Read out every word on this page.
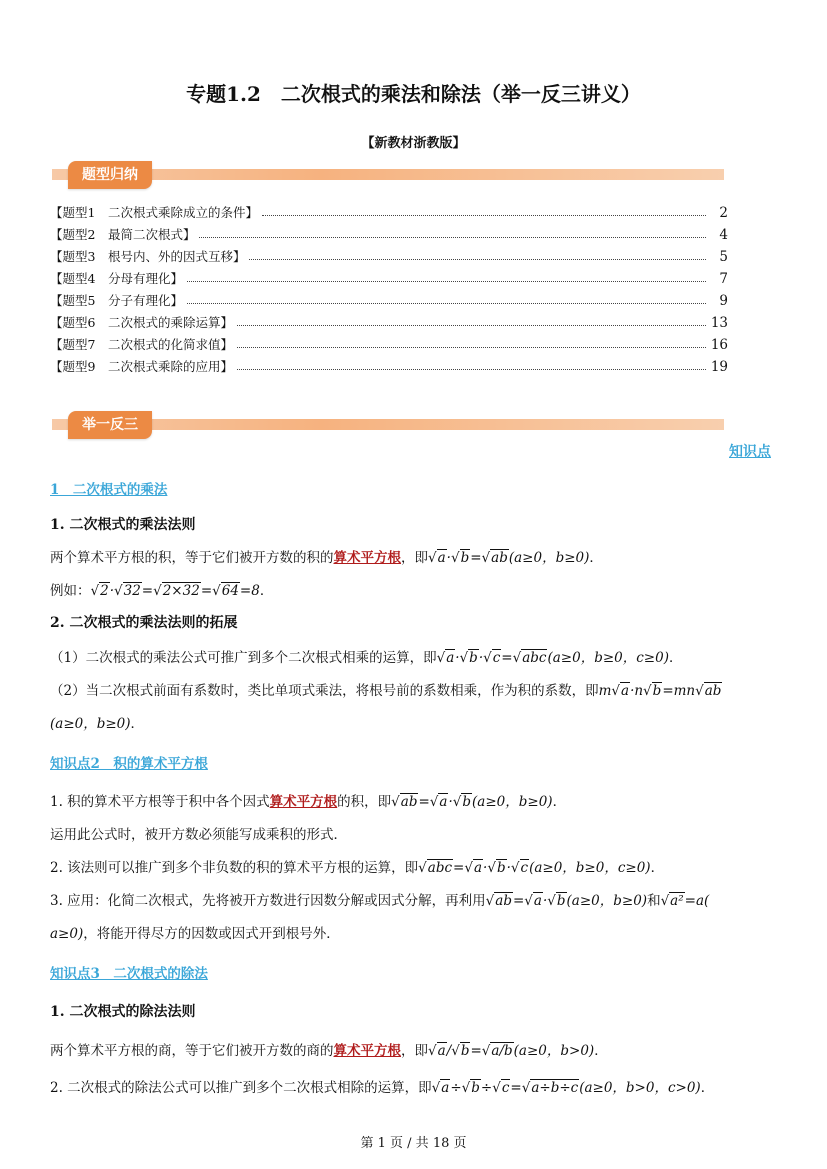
专题1.2　二次根式的乘法和除法（举一反三讲义）
【新教材浙教版】
题型归纳
【题型1　二次根式乘除成立的条件】	2
【题型2　最简二次根式】	4
【题型3　根号内、外的因式互移】	5
【题型4　分母有理化】	7
【题型5　分子有理化】	9
【题型6　二次根式的乘除运算】	13
【题型7　二次根式的化简求值】	16
【题型9　二次根式乘除的应用】	19
举一反三
知识点
1　二次根式的乘法
1. 二次根式的乘法法则
两个算术平方根的积，等于它们被开方数的积的算术平方根，即√a·√b=√ab(a≥0，b≥0)．
例如：√2·√32=√2×32=√64=8．
2. 二次根式的乘法法则的拓展
（1）二次根式的乘法公式可推广到多个二次根式相乘的运算，即√a·√b·√c=√abc(a≥0，b≥0，c≥0)．
（2）当二次根式前面有系数时，类比单项式乘法，将根号前的系数相乘，作为积的系数，即m√a·n√b=mn√ab
(a≥0，b≥0)．
知识点2　积的算术平方根
1. 积的算术平方根等于积中各个因式算术平方根的积，即√ab=√a·√b(a≥0，b≥0)．
运用此公式时，被开方数必须能写成乘积的形式．
2. 该法则可以推广到多个非负数的积的算术平方根的运算，即√abc=√a·√b·√c(a≥0，b≥0，c≥0)．
3. 应用：化简二次根式，先将被开方数进行因数分解或因式分解，再利用√ab=√a·√b(a≥0，b≥0)和√a²=a(
a≥0)，将能开得尽方的因数或因式开到根号外．
知识点3　二次根式的除法
1. 二次根式的除法法则
两个算术平方根的商，等于它们被开方数的商的算术平方根，即√a/√b=√a/b(a≥0，b>0)．
2. 二次根式的除法公式可以推广到多个二次根式相除的运算，即√a÷√b÷√c=√a÷b÷c(a≥0，b>0，c>0)．
第 1 页 / 共 18 页
